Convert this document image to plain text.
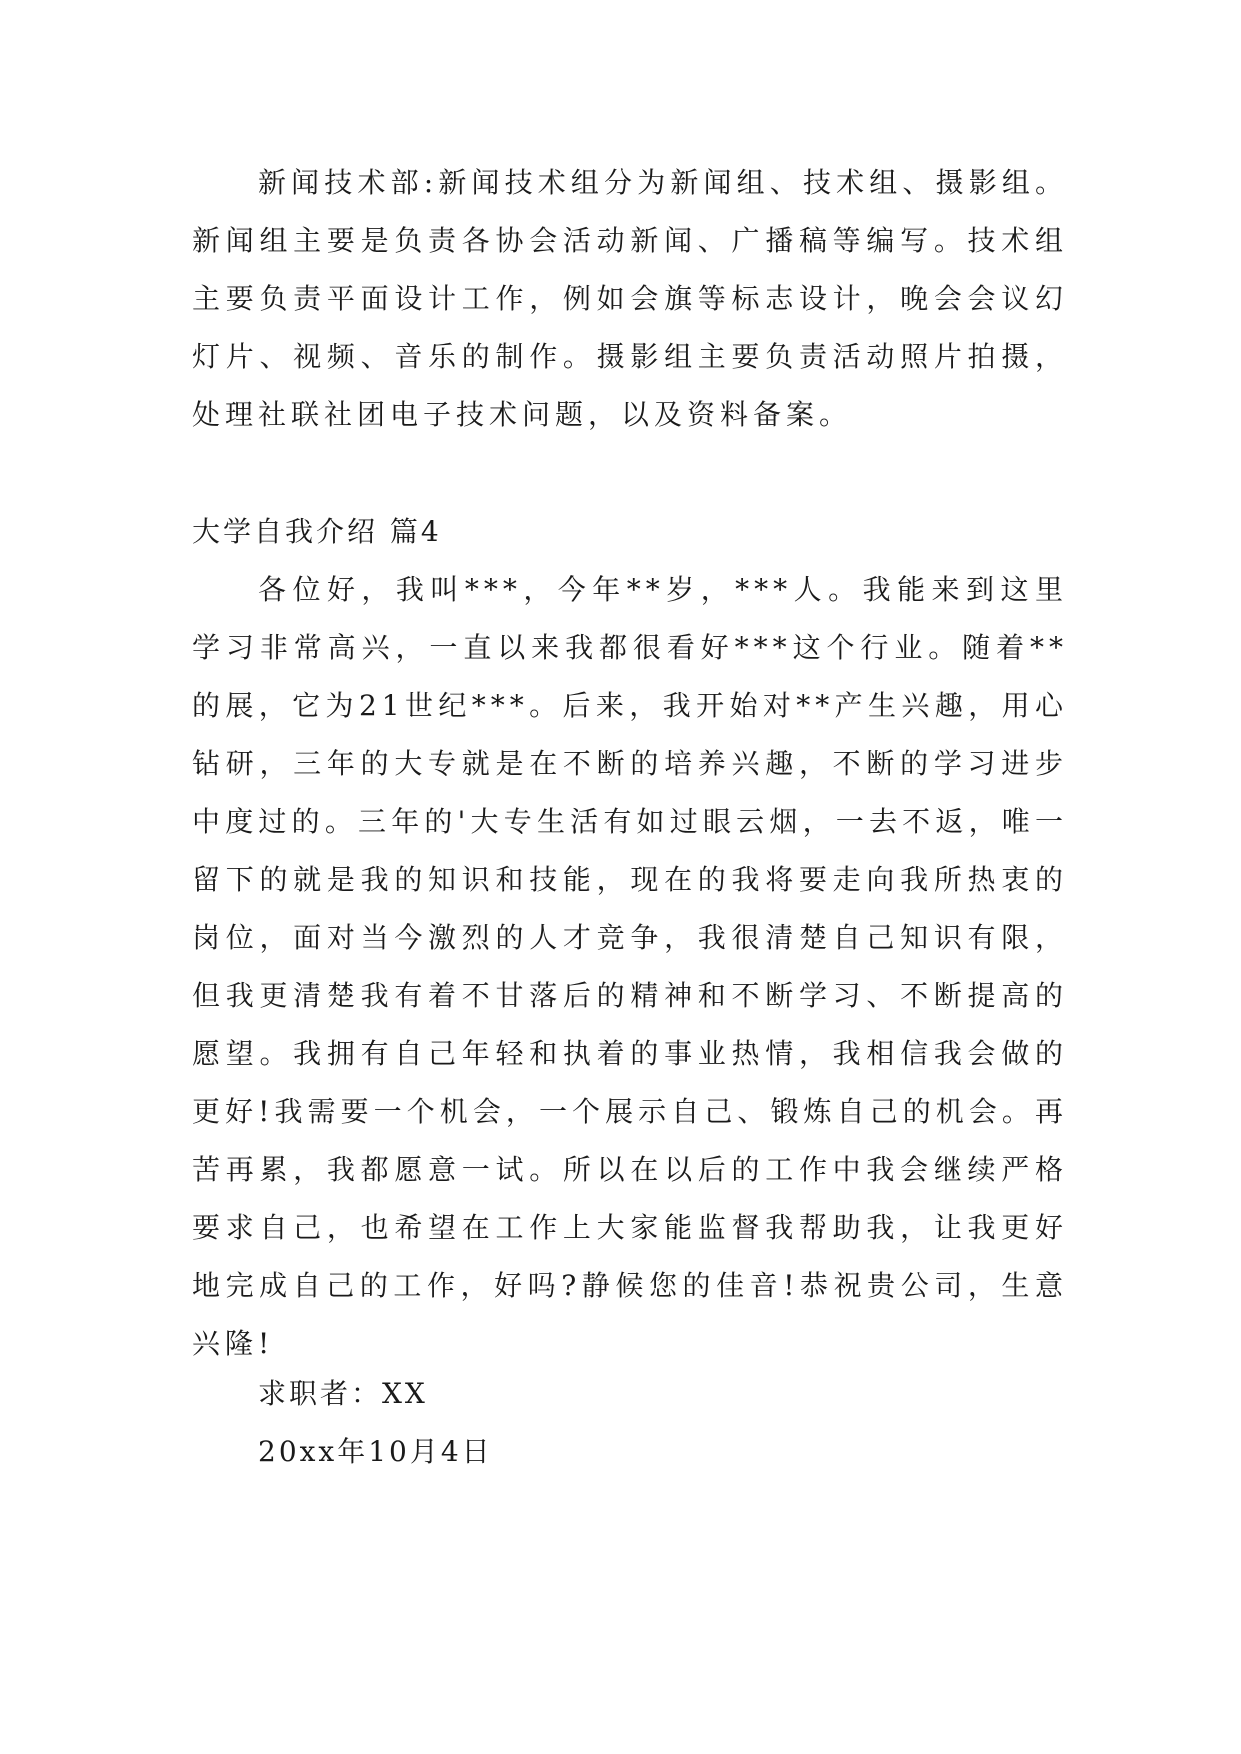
新闻技术部:新闻技术组分为新闻组、技术组、摄影组。新闻组主要是负责各协会活动新闻、广播稿等编写。技术组主要负责平面设计工作，例如会旗等标志设计，晚会会议幻灯片、视频、音乐的制作。摄影组主要负责活动照片拍摄，处理社联社团电子技术问题，以及资料备案。

大学自我介绍 篇4

各位好，我叫***，今年**岁，***人。我能来到这里学习非常高兴，一直以来我都很看好***这个行业。随着**的展，它为21世纪***。后来，我开始对**产生兴趣，用心钻研，三年的大专就是在不断的培养兴趣，不断的学习进步中度过的。三年的'大专生活有如过眼云烟，一去不返，唯一留下的就是我的知识和技能，现在的我将要走向我所热衷的岗位，面对当今激烈的人才竞争，我很清楚自己知识有限，但我更清楚我有着不甘落后的精神和不断学习、不断提高的愿望。我拥有自己年轻和执着的事业热情，我相信我会做的更好!我需要一个机会，一个展示自己、锻炼自己的机会。再苦再累，我都愿意一试。所以在以后的工作中我会继续严格要求自己，也希望在工作上大家能监督我帮助我，让我更好地完成自己的工作，好吗?静候您的佳音!恭祝贵公司，生意兴隆!

求职者：XX
20xx年10月4日
